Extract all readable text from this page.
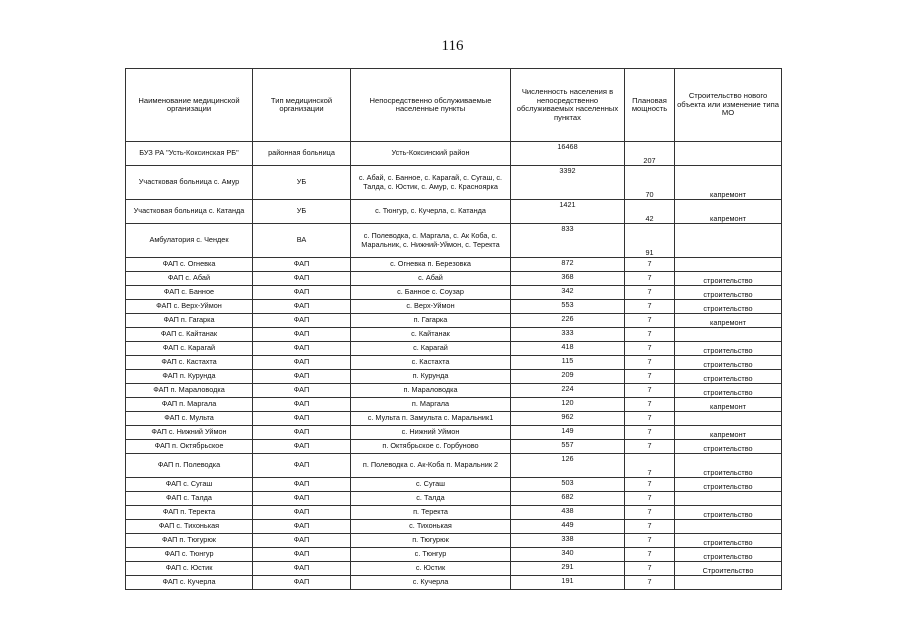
116
Наименование медицинской организации	Тип медицинской организации	Непосредственно обслуживаемые населенные пункты	Численность населения в непосредственно обслуживаемых населенных пунктах	Плановая мощность	Строительство нового объекта или изменение типа МО
БУЗ РА "Усть-Коксинская РБ"	районная больница	Усть-Коксинский район	16468	207	
Участковая больница с. Амур	УБ	с. Абай, с. Банное, с. Карагай, с. Сугаш, с. Талда, с. Юстик, с. Амур, с. Красноярка	3392	70	капремонт
Участковая больница с. Катанда	УБ	с. Тюнгур, с. Кучерла, с. Катанда	1421	42	капремонт
Амбулатория с. Чендек	ВА	с. Полеводка, с. Маргала, с. Ак Коба, с. Маральник, с. Нижний-Уймон, с. Теректа	833	91	
ФАП с. Огневка	ФАП	с. Огневка п. Березовка	872	7	
ФАП с. Абай	ФАП	с. Абай	368	7	строительство
ФАП с. Банное	ФАП	с. Банное с. Соузар	342	7	строительство
ФАП с. Верх-Уймон	ФАП	с. Верх-Уймон	553	7	строительство
ФАП п. Гагарка	ФАП	п. Гагарка	226	7	капремонт
ФАП с. Кайтанак	ФАП	с. Кайтанак	333	7	
ФАП с. Карагай	ФАП	с. Карагай	418	7	строительство
ФАП с. Кастахта	ФАП	с. Кастахта	115	7	строительство
ФАП п. Курунда	ФАП	п. Курунда	209	7	строительство
ФАП п. Мараловодка	ФАП	п. Мараловодка	224	7	строительство
ФАП п. Маргала	ФАП	п. Маргала	120	7	капремонт
ФАП с. Мульта	ФАП	с. Мульта п. Замульта с. Маральник1	962	7	
ФАП с. Нижний Уймон	ФАП	с. Нижний Уймон	149	7	капремонт
ФАП п. Октябрьское	ФАП	п. Октябрьское с. Горбуново	557	7	строительство
ФАП п. Полеводка	ФАП	п. Полеводка с. Ак-Коба п. Маральник 2	126	7	строительство
ФАП с. Сугаш	ФАП	с. Сугаш	503	7	строительство
ФАП с. Талда	ФАП	с. Талда	682	7	
ФАП п. Теректа	ФАП	п. Теректа	438	7	строительство
ФАП с. Тихонькая	ФАП	с. Тихонькая	449	7	
ФАП п. Тюгурюк	ФАП	п. Тюгурюк	338	7	строительство
ФАП с. Тюнгур	ФАП	с. Тюнгур	340	7	строительство
ФАП с. Юстик	ФАП	с. Юстик	291	7	Строительство
ФАП с. Кучерла	ФАП	с. Кучерла	191	7	
